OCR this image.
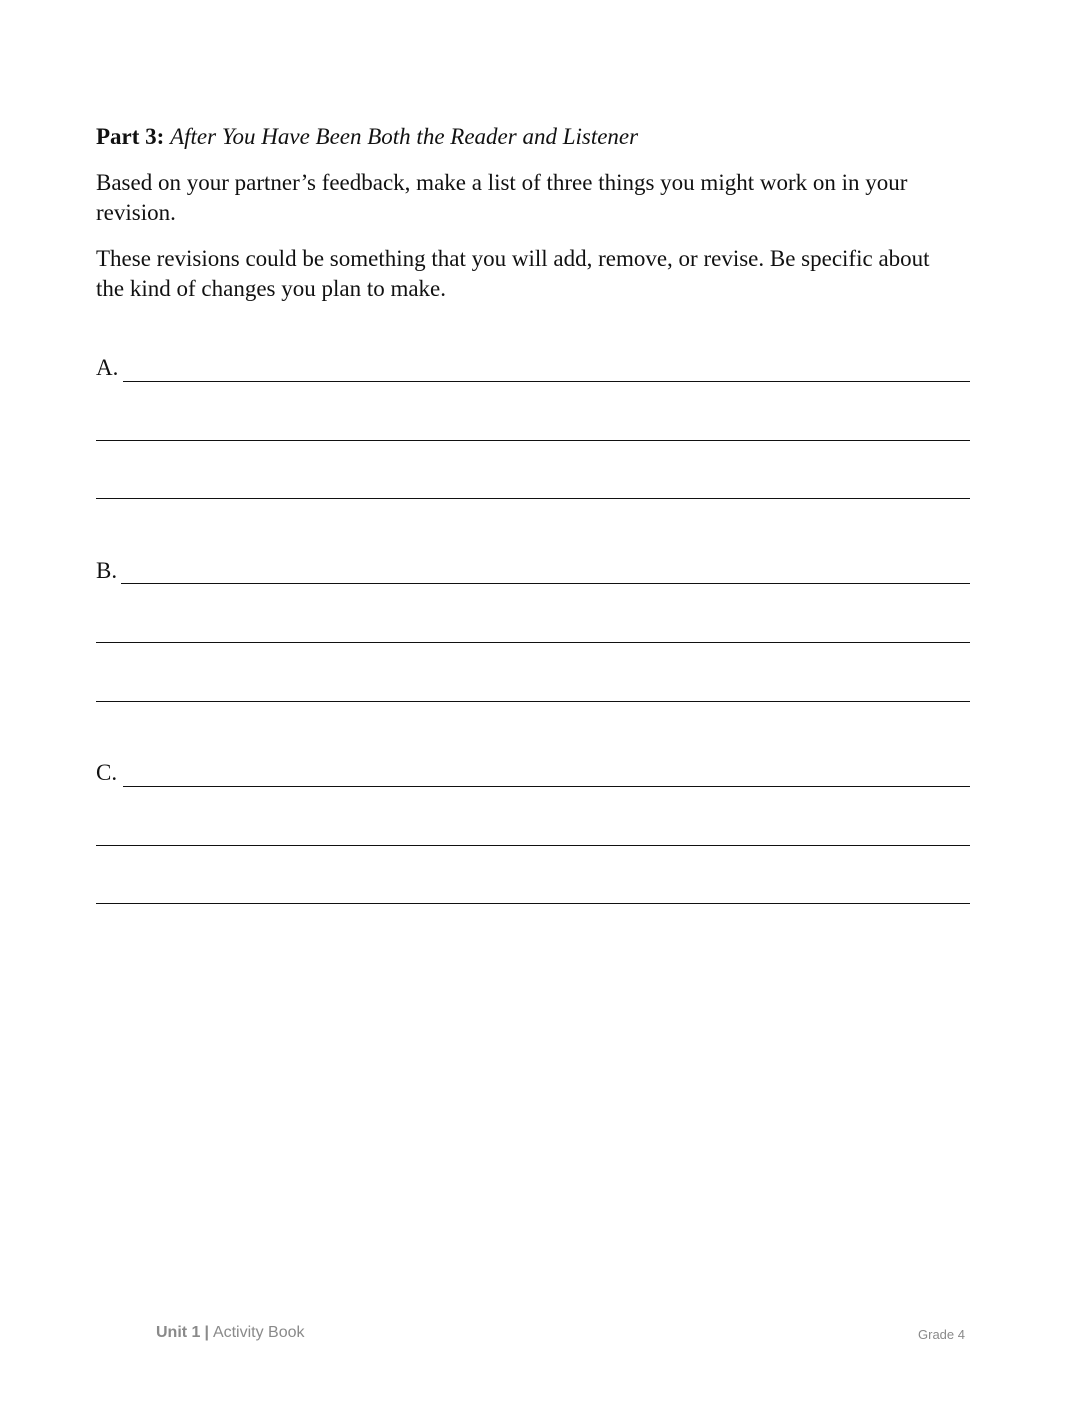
Part 3: After You Have Been Both the Reader and Listener
Based on your partner’s feedback, make a list of three things you might work on in your revision.
These revisions could be something that you will add, remove, or revise. Be specific about the kind of changes you plan to make.
A.
B.
C.
Unit 1 | Activity Book	Grade 4
